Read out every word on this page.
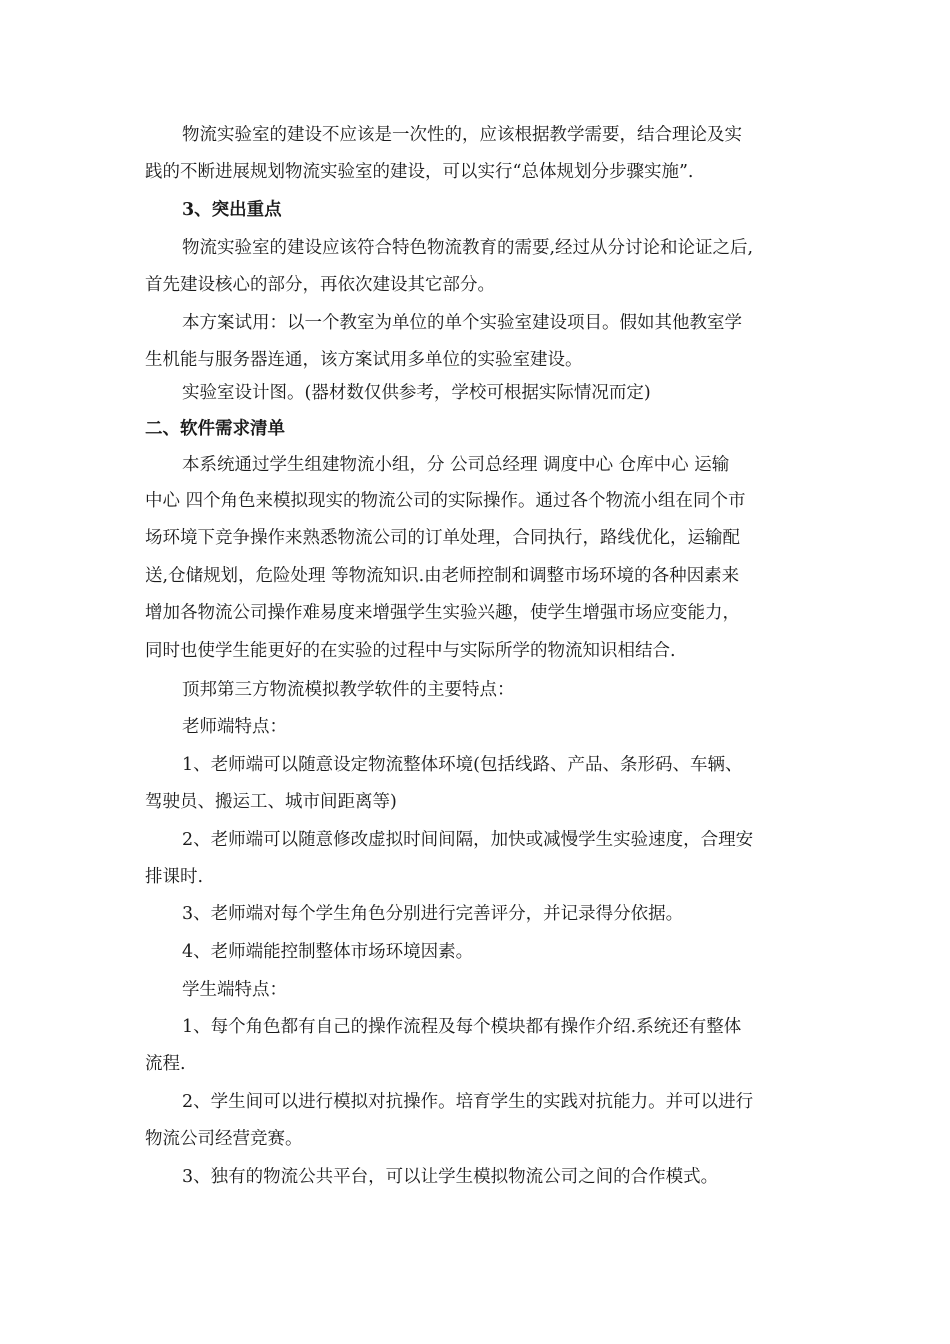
物流实验室的建设不应该是一次性的，应该根据教学需要，结合理论及实

践的不断进展规划物流实验室的建设，可以实行“总体规划分步骤实施”.

3、突出重点

物流实验室的建设应该符合特色物流教育的需要,经过从分讨论和论证之后,

首先建设核心的部分，再依次建设其它部分。

本方案试用：以一个教室为单位的单个实验室建设项目。假如其他教室学

生机能与服务器连通，该方案试用多单位的实验室建设。

实验室设计图。(器材数仅供参考，学校可根据实际情况而定)

二、软件需求清单

本系统通过学生组建物流小组，分 公司总经理 调度中心 仓库中心 运输

中心 四个角色来模拟现实的物流公司的实际操作。通过各个物流小组在同个市

场环境下竞争操作来熟悉物流公司的订单处理，合同执行，路线优化，运输配

送,仓储规划，危险处理 等物流知识.由老师控制和调整市场环境的各种因素来

增加各物流公司操作难易度来增强学生实验兴趣，使学生增强市场应变能力，

同时也使学生能更好的在实验的过程中与实际所学的物流知识相结合.

顶邦第三方物流模拟教学软件的主要特点：

老师端特点：

1、老师端可以随意设定物流整体环境(包括线路、产品、条形码、车辆、

驾驶员、搬运工、城市间距离等)

2、老师端可以随意修改虚拟时间间隔，加快或减慢学生实验速度，合理安

排课时.

3、老师端对每个学生角色分别进行完善评分，并记录得分依据。

4、老师端能控制整体市场环境因素。

学生端特点：

1、每个角色都有自己的操作流程及每个模块都有操作介绍.系统还有整体

流程.

2、学生间可以进行模拟对抗操作。培育学生的实践对抗能力。并可以进行

物流公司经营竞赛。

3、独有的物流公共平台，可以让学生模拟物流公司之间的合作模式。
